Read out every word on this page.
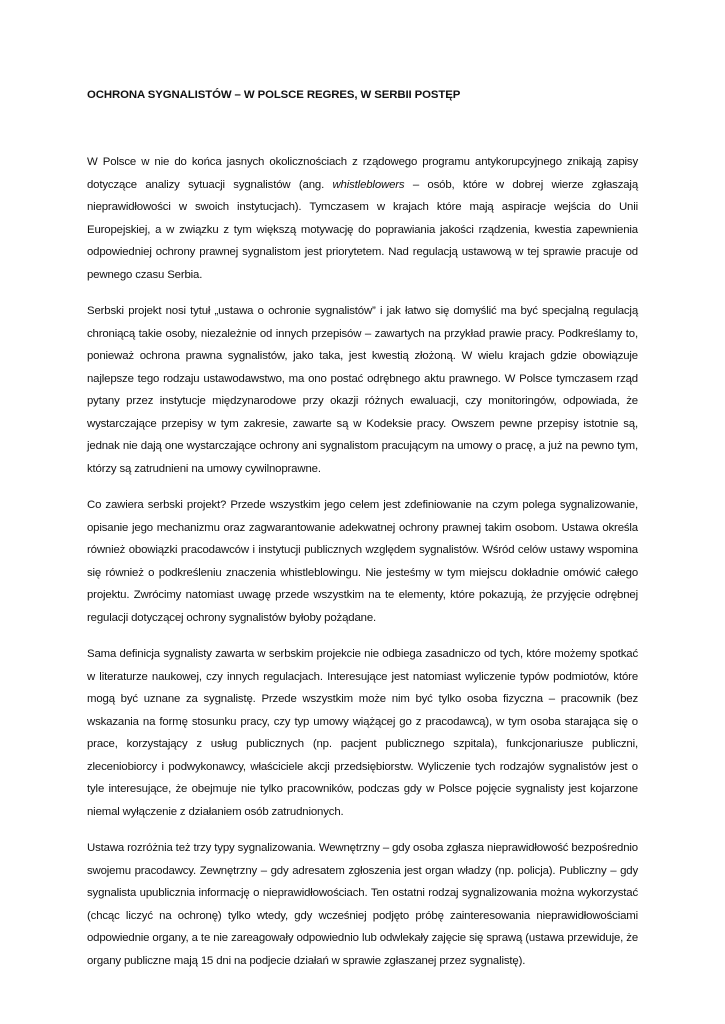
OCHRONA SYGNALISTÓW – W POLSCE REGRES, W SERBII POSTĘP

W Polsce w nie do końca jasnych okolicznościach z rządowego programu antykorupcyjnego znikają zapisy dotyczące analizy sytuacji sygnalistów (ang. whistleblowers – osób, które w dobrej wierze zgłaszają nieprawidłowości w swoich instytucjach). Tymczasem w krajach które mają aspiracje wejścia do Unii Europejskiej, a w związku z tym większą motywację do poprawiania jakości rządzenia, kwestia zapewnienia odpowiedniej ochrony prawnej sygnalistom jest priorytetem. Nad regulacją ustawową w tej sprawie pracuje od pewnego czasu Serbia.

Serbski projekt nosi tytuł „ustawa o ochronie sygnalistów” i jak łatwo się domyślić ma być specjalną regulacją chroniącą takie osoby, niezależnie od innych przepisów – zawartych na przykład prawie pracy. Podkreślamy to, ponieważ ochrona prawna sygnalistów, jako taka, jest kwestią złożoną. W wielu krajach gdzie obowiązuje najlepsze tego rodzaju ustawodawstwo, ma ono postać odrębnego aktu prawnego. W Polsce tymczasem rząd pytany przez instytucje międzynarodowe przy okazji różnych ewaluacji, czy monitoringów, odpowiada, że wystarczające przepisy w tym zakresie, zawarte są w Kodeksie pracy. Owszem pewne przepisy istotnie są, jednak nie dają one wystarczające ochrony ani sygnalistom pracującym na umowy o pracę, a już na pewno tym, którzy są zatrudnieni na umowy cywilnoprawne.

Co zawiera serbski projekt? Przede wszystkim jego celem jest zdefiniowanie na czym polega sygnalizowanie, opisanie jego mechanizmu oraz zagwarantowanie adekwatnej ochrony prawnej takim osobom. Ustawa określa również obowiązki pracodawców i instytucji publicznych względem sygnalistów. Wśród celów ustawy wspomina się również o podkreśleniu znaczenia whistleblowingu. Nie jesteśmy w tym miejscu dokładnie omówić całego projektu. Zwrócimy natomiast uwagę przede wszystkim na te elementy, które pokazują, że przyjęcie odrębnej regulacji dotyczącej ochrony sygnalistów byłoby pożądane.

Sama definicja sygnalisty zawarta w serbskim projekcie nie odbiega zasadniczo od tych, które możemy spotkać w literaturze naukowej, czy innych regulacjach. Interesujące jest natomiast wyliczenie typów podmiotów, które mogą być uznane za sygnalistę. Przede wszystkim może nim być tylko osoba fizyczna – pracownik (bez wskazania na formę stosunku pracy, czy typ umowy wiążącej go z pracodawcą), w tym osoba starająca się o prace, korzystający z usług publicznych (np. pacjent publicznego szpitala), funkcjonariusze publiczni, zleceniobiorcy i podwykonawcy, właściciele akcji przedsiębiorstw. Wyliczenie tych rodzajów sygnalistów jest o tyle interesujące, że obejmuje nie tylko pracowników, podczas gdy w Polsce pojęcie sygnalisty jest kojarzone niemal wyłączenie z działaniem osób zatrudnionych.

Ustawa rozróżnia też trzy typy sygnalizowania. Wewnętrzny – gdy osoba zgłasza nieprawidłowość bezpośrednio swojemu pracodawcy. Zewnętrzny – gdy adresatem zgłoszenia jest organ władzy (np. policja). Publiczny – gdy sygnalista upublicznia informację o nieprawidłowościach. Ten ostatni rodzaj sygnalizowania można wykorzystać (chcąc liczyć na ochronę) tylko wtedy, gdy wcześniej podjęto próbę zainteresowania nieprawidłowościami odpowiednie organy, a te nie zareagowały odpowiednio lub odwlekały zajęcie się sprawą (ustawa przewiduje, że organy publiczne mają 15 dni na podjecie działań w sprawie zgłaszanej przez sygnalistę).
